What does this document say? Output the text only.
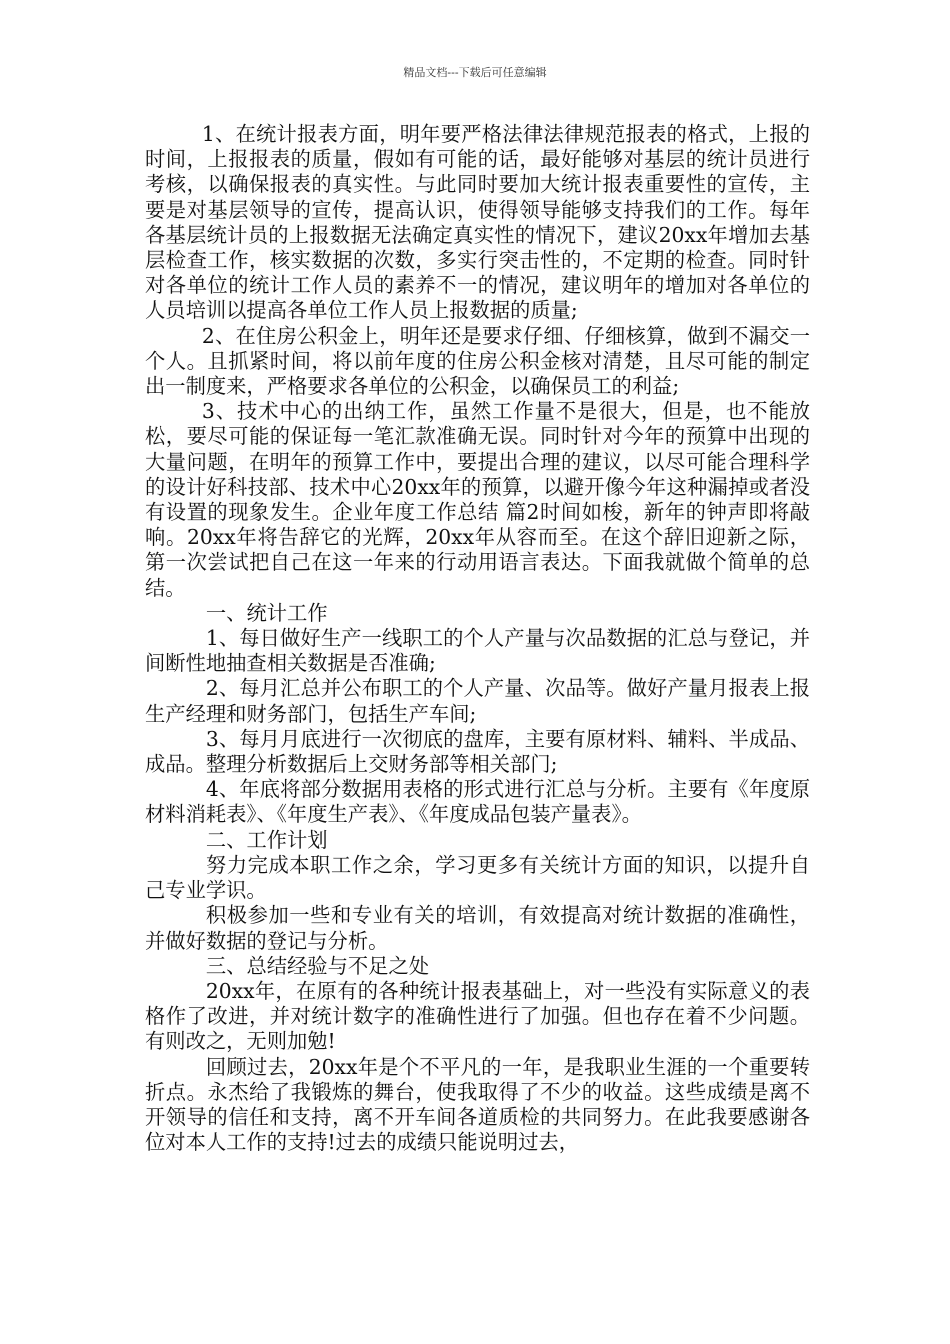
精品文档---下载后可任意编辑

1、在统计报表方面，明年要严格法律法律规范报表的格式，上报的时间，上报报表的质量，假如有可能的话，最好能够对基层的统计员进行考核，以确保报表的真实性。与此同时要加大统计报表重要性的宣传，主要是对基层领导的宣传，提高认识，使得领导能够支持我们的工作。每年各基层统计员的上报数据无法确定真实性的情况下，建议20xx年增加去基层检查工作，核实数据的次数，多实行突击性的，不定期的检查。同时针对各单位的统计工作人员的素养不一的情况，建议明年的增加对各单位的人员培训以提高各单位工作人员上报数据的质量;

2、在住房公积金上，明年还是要求仔细、仔细核算，做到不漏交一个人。且抓紧时间，将以前年度的住房公积金核对清楚，且尽可能的制定出一制度来，严格要求各单位的公积金，以确保员工的利益;

3、技术中心的出纳工作，虽然工作量不是很大，但是，也不能放松，要尽可能的保证每一笔汇款准确无误。同时针对今年的预算中出现的大量问题，在明年的预算工作中，要提出合理的建议，以尽可能合理科学的设计好科技部、技术中心20xx年的预算，以避开像今年这种漏掉或者没有设置的现象发生。企业年度工作总结 篇2时间如梭，新年的钟声即将敲响。20xx年将告辞它的光辉，20xx年从容而至。在这个辞旧迎新之际，第一次尝试把自己在这一年来的行动用语言表达。下面我就做个简单的总结。

一、统计工作

1、每日做好生产一线职工的个人产量与次品数据的汇总与登记，并间断性地抽查相关数据是否准确;

2、每月汇总并公布职工的个人产量、次品等。做好产量月报表上报生产经理和财务部门，包括生产车间;

3、每月月底进行一次彻底的盘库，主要有原材料、辅料、半成品、成品。整理分析数据后上交财务部等相关部门;

4、年底将部分数据用表格的形式进行汇总与分析。主要有《年度原材料消耗表》、《年度生产表》、《年度成品包装产量表》。

二、工作计划

努力完成本职工作之余，学习更多有关统计方面的知识，以提升自己专业学识。

积极参加一些和专业有关的培训，有效提高对统计数据的准确性，并做好数据的登记与分析。

三、总结经验与不足之处

20xx年，在原有的各种统计报表基础上，对一些没有实际意义的表格作了改进，并对统计数字的准确性进行了加强。但也存在着不少问题。有则改之，无则加勉!

回顾过去，20xx年是个不平凡的一年，是我职业生涯的一个重要转折点。永杰给了我锻炼的舞台，使我取得了不少的收益。这些成绩是离不开领导的信任和支持，离不开车间各道质检的共同努力。在此我要感谢各位对本人工作的支持!过去的成绩只能说明过去，
